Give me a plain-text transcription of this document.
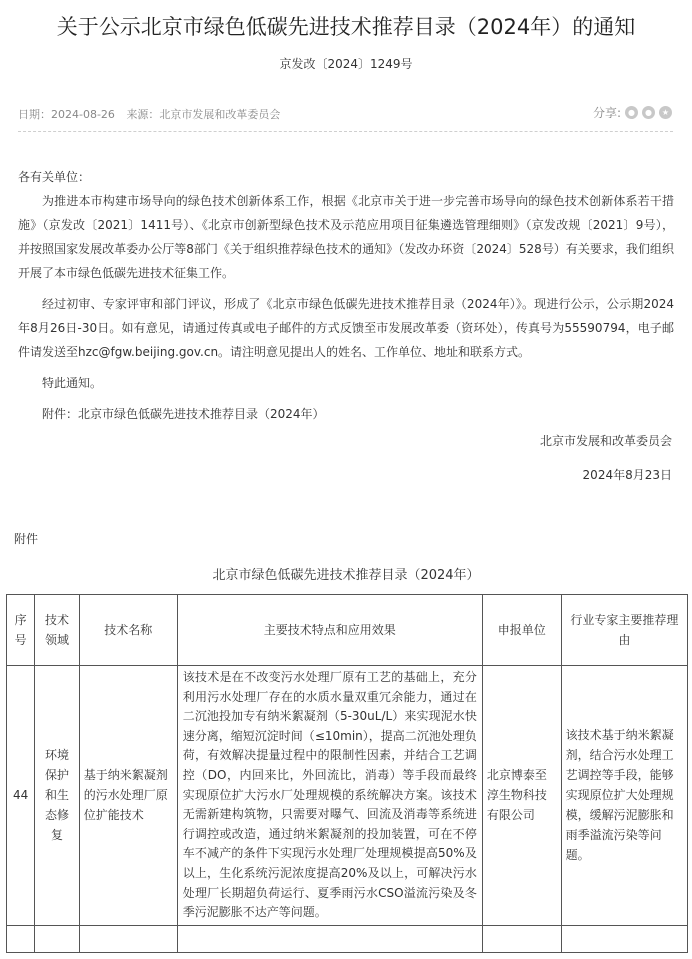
关于公示北京市绿色低碳先进技术推荐目录（2024年）的通知
京发改〔2024〕1249号
日期：2024-08-26 来源：北京市发展和改革委员会	分享: ●	●	★

各有关单位：

为推进本市构建市场导向的绿色技术创新体系工作，根据《北京市关于进一步完善市场导向的绿色技术创新体系若干措施》（京发改〔2021〕1411号）、《北京市创新型绿色技术及示范应用项目征集遴选管理细则》（京发改规〔2021〕9号），并按照国家发展改革委办公厅等8部门《关于组织推荐绿色技术的通知》（发改办环资〔2024〕528号）有关要求，我们组织开展了本市绿色低碳先进技术征集工作。

经过初审、专家评审和部门评议，形成了《北京市绿色低碳先进技术推荐目录（2024年）》。现进行公示，公示期2024年8月26日-30日。如有意见，请通过传真或电子邮件的方式反馈至市发展改革委（资环处），传真号为55590794，电子邮件请发送至hzc@fgw.beijing.gov.cn。请注明意见提出人的姓名、工作单位、地址和联系方式。

特此通知。

附件：北京市绿色低碳先进技术推荐目录（2024年）

北京市发展和改革委员会
2024年8月23日
附件
北京市绿色低碳先进技术推荐目录（2024年）
序号	技术领域	技术名称	主要技术特点和应用效果	申报单位	行业专家主要推荐理由
44	环境保护和生态修复	基于纳米絮凝剂的污水处理厂原位扩能技术	该技术是在不改变污水处理厂原有工艺的基础上，充分利用污水处理厂存在的水质水量双重冗余能力，通过在二沉池投加专有纳米絮凝剂（5-30uL/L）来实现泥水快速分离，缩短沉淀时间（≤10min），提高二沉池处理负荷，有效解决提量过程中的限制性因素，并结合工艺调控（DO，内回来比，外回流比，消毒）等手段而最终实现原位扩大污水厂处理规模的系统解决方案。该技术无需新建构筑物，只需要对曝气、回流及消毒等系统进行调控或改造，通过纳米絮凝剂的投加装置，可在不停车不减产的条件下实现污水处理厂处理规模提高50%及以上，生化系统污泥浓度提高20%及以上，可解决污水处理厂长期超负荷运行、夏季雨污水CSO溢流污染及冬季污泥膨胀不达产等问题。	北京博泰至淳生物科技有限公司	该技术基于纳米絮凝剂，结合污水处理工艺调控等手段，能够实现原位扩大处理规模，缓解污泥膨胀和雨季溢流污染等问题。
